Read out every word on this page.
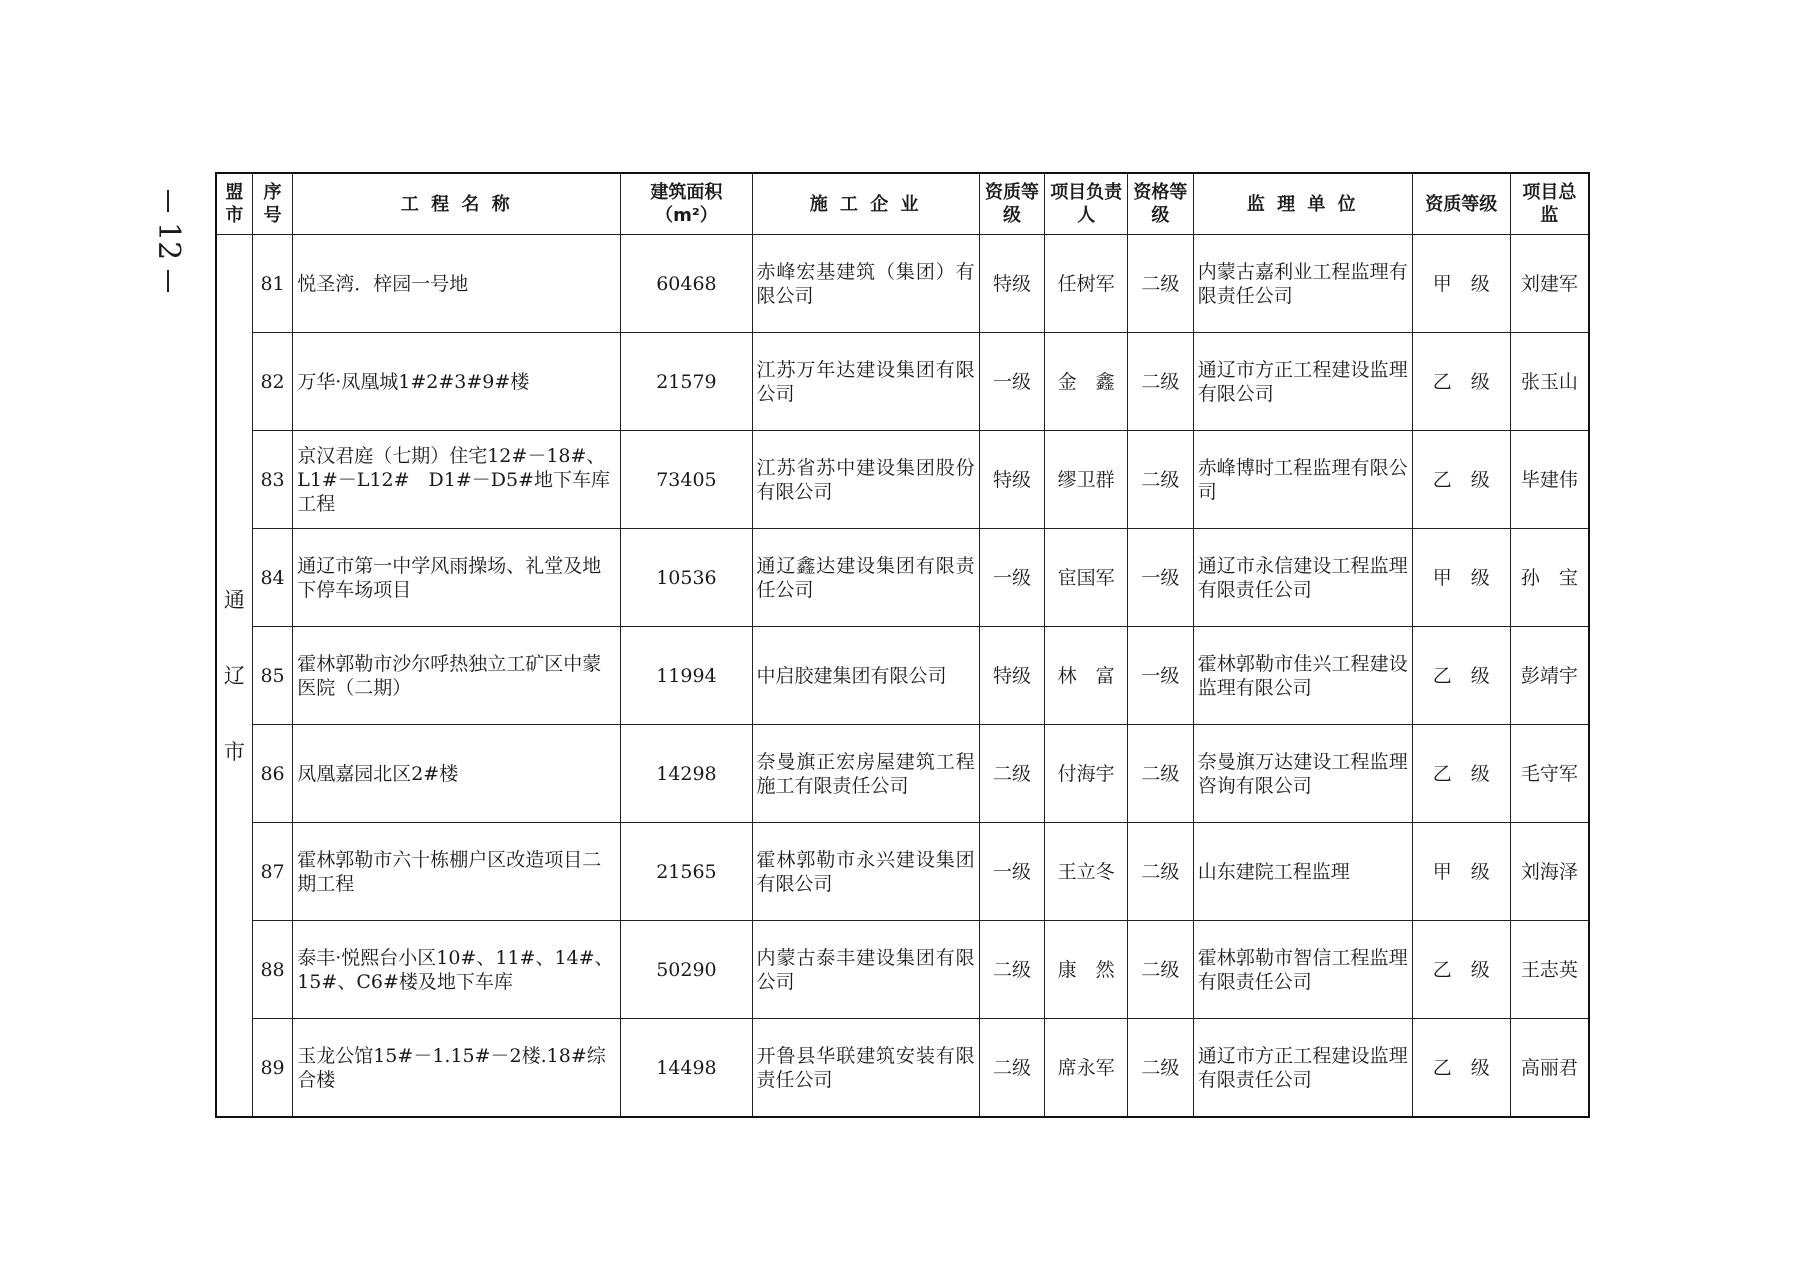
12
盟市	序号	工 程 名 称	建筑面积（m²）	施 工 企 业	资质等级	项目负责人	资格等级	监 理 单 位	资质等级	项目总监

通
辽
市	81	悦圣湾．梓园一号地	60468	赤峰宏基建筑（集团）有限公司	特级	任树军	二级	内蒙古嘉利业工程监理有限责任公司	甲　级	刘建军
	82	万华·凤凰城1#2#3#9#楼	21579	江苏万年达建设集团有限公司	一级	金　鑫	二级	通辽市方正工程建设监理有限公司	乙　级	张玉山
	83	京汉君庭（七期）住宅12#－18#、L1#－L12#　D1#－D5#地下车库工程	73405	江苏省苏中建设集团股份有限公司	特级	缪卫群	二级	赤峰博时工程监理有限公司	乙　级	毕建伟
	84	通辽市第一中学风雨操场、礼堂及地下停车场项目	10536	通辽鑫达建设集团有限责任公司	一级	宦国军	一级	通辽市永信建设工程监理有限责任公司	甲　级	孙　宝
	85	霍林郭勒市沙尔呼热独立工矿区中蒙医院（二期）	11994	中启胶建集团有限公司	特级	林　富	一级	霍林郭勒市佳兴工程建设监理有限公司	乙　级	彭靖宇
	86	凤凰嘉园北区2#楼	14298	奈曼旗正宏房屋建筑工程施工有限责任公司	二级	付海宇	二级	奈曼旗万达建设工程监理咨询有限公司	乙　级	毛守军
	87	霍林郭勒市六十栋棚户区改造项目二期工程	21565	霍林郭勒市永兴建设集团有限公司	一级	王立冬	二级	山东建院工程监理	甲　级	刘海泽
	88	泰丰·悦熙台小区10#、11#、14#、15#、C6#楼及地下车库	50290	内蒙古泰丰建设集团有限公司	二级	康　然	二级	霍林郭勒市智信工程监理有限责任公司	乙　级	王志英
	89	玉龙公馆15#－1.15#－2楼.18#综合楼	14498	开鲁县华联建筑安装有限责任公司	二级	席永军	二级	通辽市方正工程建设监理有限责任公司	乙　级	高丽君
